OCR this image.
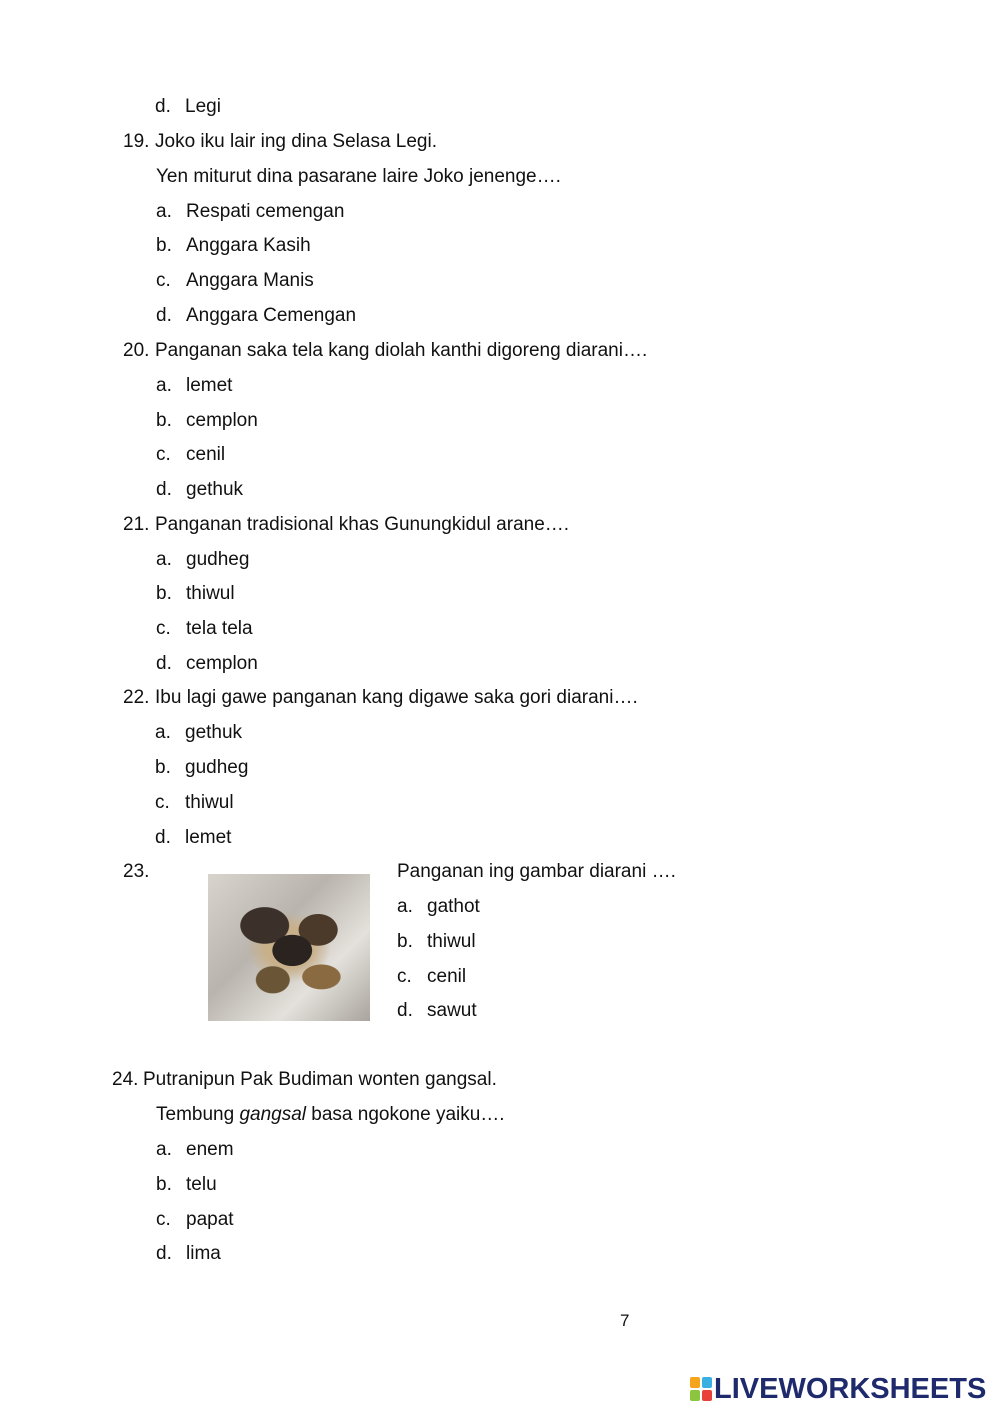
d. Legi
19. Joko iku lair ing dina Selasa Legi.
Yen miturut dina pasarane laire Joko jenenge….
a. Respati cemengan
b. Anggara Kasih
c. Anggara Manis
d. Anggara Cemengan
20. Panganan saka tela kang diolah kanthi digoreng diarani….
a. lemet
b. cemplon
c. cenil
d. gethuk
21. Panganan tradisional khas Gunungkidul arane….
a. gudheg
b. thiwul
c. tela tela
d. cemplon
22. Ibu lagi gawe panganan kang digawe saka gori diarani….
a. gethuk
b. gudheg
c. thiwul
d. lemet
23.	Panganan ing gambar diarani ….
a. gathot
b. thiwul
c. cenil
d. sawut
24. Putranipun Pak Budiman wonten gangsal.
a. enem
b. telu
c. papat
d. lima
Tembung gangsal basa ngokone yaiku….
7
LIVEWORKSHEETS
